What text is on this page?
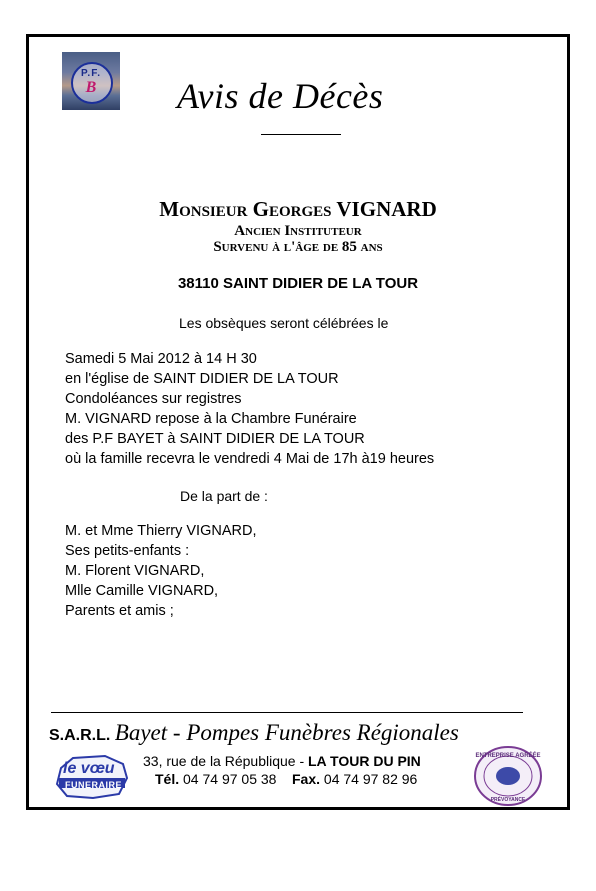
P.F.
B	Avis de Décès
Monsieur Georges VIGNARD
Ancien Instituteur
Survenu à l'âge de 85 ans
38110 SAINT DIDIER DE LA TOUR
Les obsèques seront célébrées le
Samedi 5 Mai 2012 à 14 H 30
en l'église de SAINT DIDIER DE LA TOUR
Condoléances sur registres
M. VIGNARD repose à la Chambre Funéraire
des P.F BAYET à SAINT DIDIER DE LA TOUR
où la famille recevra le vendredi 4 Mai de 17h à19 heures
De la part de :
M. et Mme Thierry VIGNARD,
Ses petits-enfants :
M. Florent VIGNARD,
Mlle Camille VIGNARD,
Parents et amis ;
S.A.R.L. Bayet - Pompes Funèbres Régionales
le vœu
FUNERAIRE
33, rue de la République - LA TOUR DU PIN
Tél. 04 74 97 05 38 Fax. 04 74 97 82 96
ENTREPRISE AGRÉÉE
PRÉVOYANCE
